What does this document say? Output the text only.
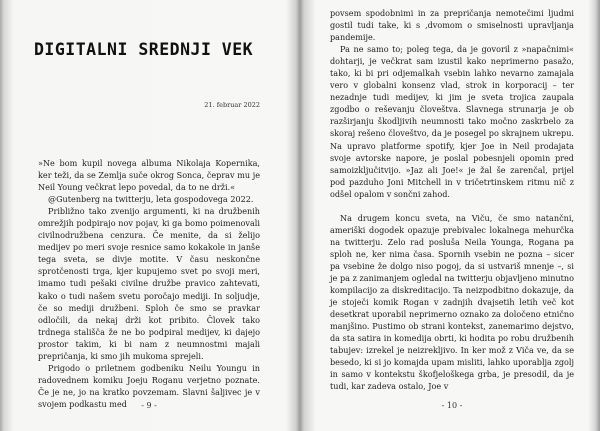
DIGITALNI SREDNJI VEK
21. februar 2022

»Ne bom kupil novega albuma Nikolaja Kopernika, ker teži, da se Zemlja suče okrog Sonca, čeprav mu je Neil Young večkrat lepo povedal, da to ne drži.«

@Gutenberg na twitterju, leta gospodovega 2022.

Približno tako zvenijo argumenti, ki na družbenih omrežjih podpirajo nov pojav, ki ga bomo poimenovali civilnodružbena cenzura. Če menite, da si želijo medijev po meri svoje resnice samo kokakole in janše tega sveta, se divje motite. V času neskončne sprotčenosti trga, kjer kupujemo svet po svoji meri, imamo tudi pešaki civilne družbe pravico zahtevati, kako o tudi našem svetu poročajo mediji. In soljudje, če so mediji družbeni. Sploh če smo se pravkar odločili, da nekaj drži kot pribito. Človek tako trdnega stališča že ne bo podpiral medijev, ki dajejo prostor takim, ki bi nam z neumnostmi majali prepričanja, ki smo jih mukoma sprejeli.

Prigodo o priletnem godbeniku Neilu Youngu in radovednem komiku Joeju Roganu verjetno poznate. Če je ne, jo na kratko povzemam. Slavni šaljivec je v svojem podkastu med	- 9 -

povsem spodobnimi in za prepričanja nemotečimi ljudmi gostil tudi take, ki s ‚dvomom o smiselnosti upravljanja pandemije.

Pa ne samo to; poleg tega, da je govoril z »napačnimi« dohtarji, je večkrat sam izustil kako neprimerno pasažo, tako, ki bi pri odjemalkah vsebin lahko nevarno zamajala vero v globalni konsenz vlad, strok in korporacij – ter nezadnje tudi medijev, ki jim je sveta trojica zaupala zgodbo o reševanju človeštva. Slavnega strunarja je ob razširjanju škodljivih neumnosti tako močno zaskrbelo za skoraj rešeno človeštvo, da je posegel po skrajnem ukrepu. Na upravo platforme spotify, kjer Joe in Neil prodajata svoje avtorske napore, je poslal pobesnjeli opomin pred samoizključitvijo. »Jaz ali Joe!« je žal še zarenčal, prijel pod pazduho Joni Mitchell in v tričetrtinskem ritmu nič z odšel opalom v sončni zahod.

Na drugem koncu sveta, na Viču, če smo natančni, ameriški dogodek opazuje prebivalec lokalnega mehurčka na twitterju. Zelo rad posluša Neila Younga, Rogana pa sploh ne, ker nima časa. Spornih vsebin ne pozna – sicer pa vsebine že dolgo niso pogoj, da si ustvariš mnenje –, si je pa z zanimanjem ogledal na twitterju objavljeno minutno kompilacijo za diskreditacijo. Ta neizpodbitno dokazuje, da je stoječi komik Rogan v zadnjih dvajsetih letih več kot desetkrat uporabil neprimerno oznako za določeno etnično manjšino. Pustimo ob strani kontekst, zanemarimo dejstvo, da sta satira in komedija obrti, ki hodita po robu družbenih tabujev: izrekel je neizrekljivo. In ker mož z Viča ve, da se besedo, ki si jo komajda upam misliti, lahko uporablja zgolj in samo v kontekstu škofjeloškega grba, je presodil, da je tudi, kar zadeva ostalo, Joe v

- 10 -
